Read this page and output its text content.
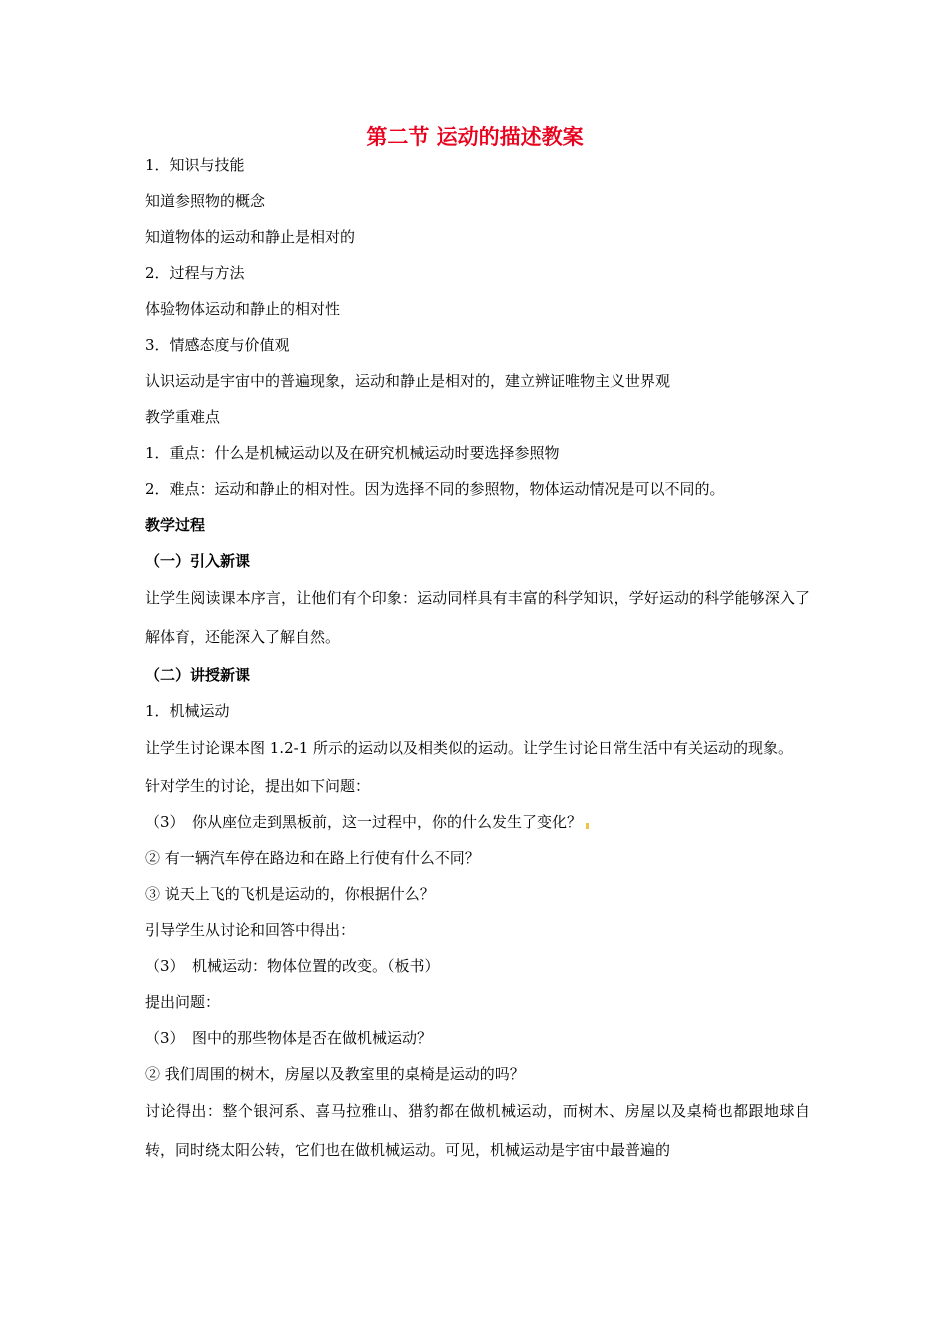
第二节 运动的描述教案
1．知识与技能
知道参照物的概念
知道物体的运动和静止是相对的
2．过程与方法
体验物体运动和静止的相对性
3．情感态度与价值观
认识运动是宇宙中的普遍现象，运动和静止是相对的，建立辨证唯物主义世界观
教学重难点
1．重点：什么是机械运动以及在研究机械运动时要选择参照物
2．难点：运动和静止的相对性。因为选择不同的参照物，物体运动情况是可以不同的。
教学过程
（一）引入新课
让学生阅读课本序言，让他们有个印象：运动同样具有丰富的科学知识，学好运动的科学能够深入了解体育，还能深入了解自然。
（二）讲授新课
1．机械运动
让学生讨论课本图 1.2-1 所示的运动以及相类似的运动。让学生讨论日常生活中有关运动的现象。
针对学生的讨论，提出如下问题：
（3）　你从座位走到黑板前，这一过程中，你的什么发生了变化？
② 有一辆汽车停在路边和在路上行使有什么不同？
③ 说天上飞的飞机是运动的，你根据什么？
引导学生从讨论和回答中得出：
（3）　机械运动：物体位置的改变。（板书）
提出问题：
（3）　图中的那些物体是否在做机械运动？
② 我们周围的树木，房屋以及教室里的桌椅是运动的吗？
讨论得出：整个银河系、喜马拉雅山、猎豹都在做机械运动，而树木、房屋以及桌椅也都跟地球自转，同时绕太阳公转，它们也在做机械运动。可见，机械运动是宇宙中最普遍的
